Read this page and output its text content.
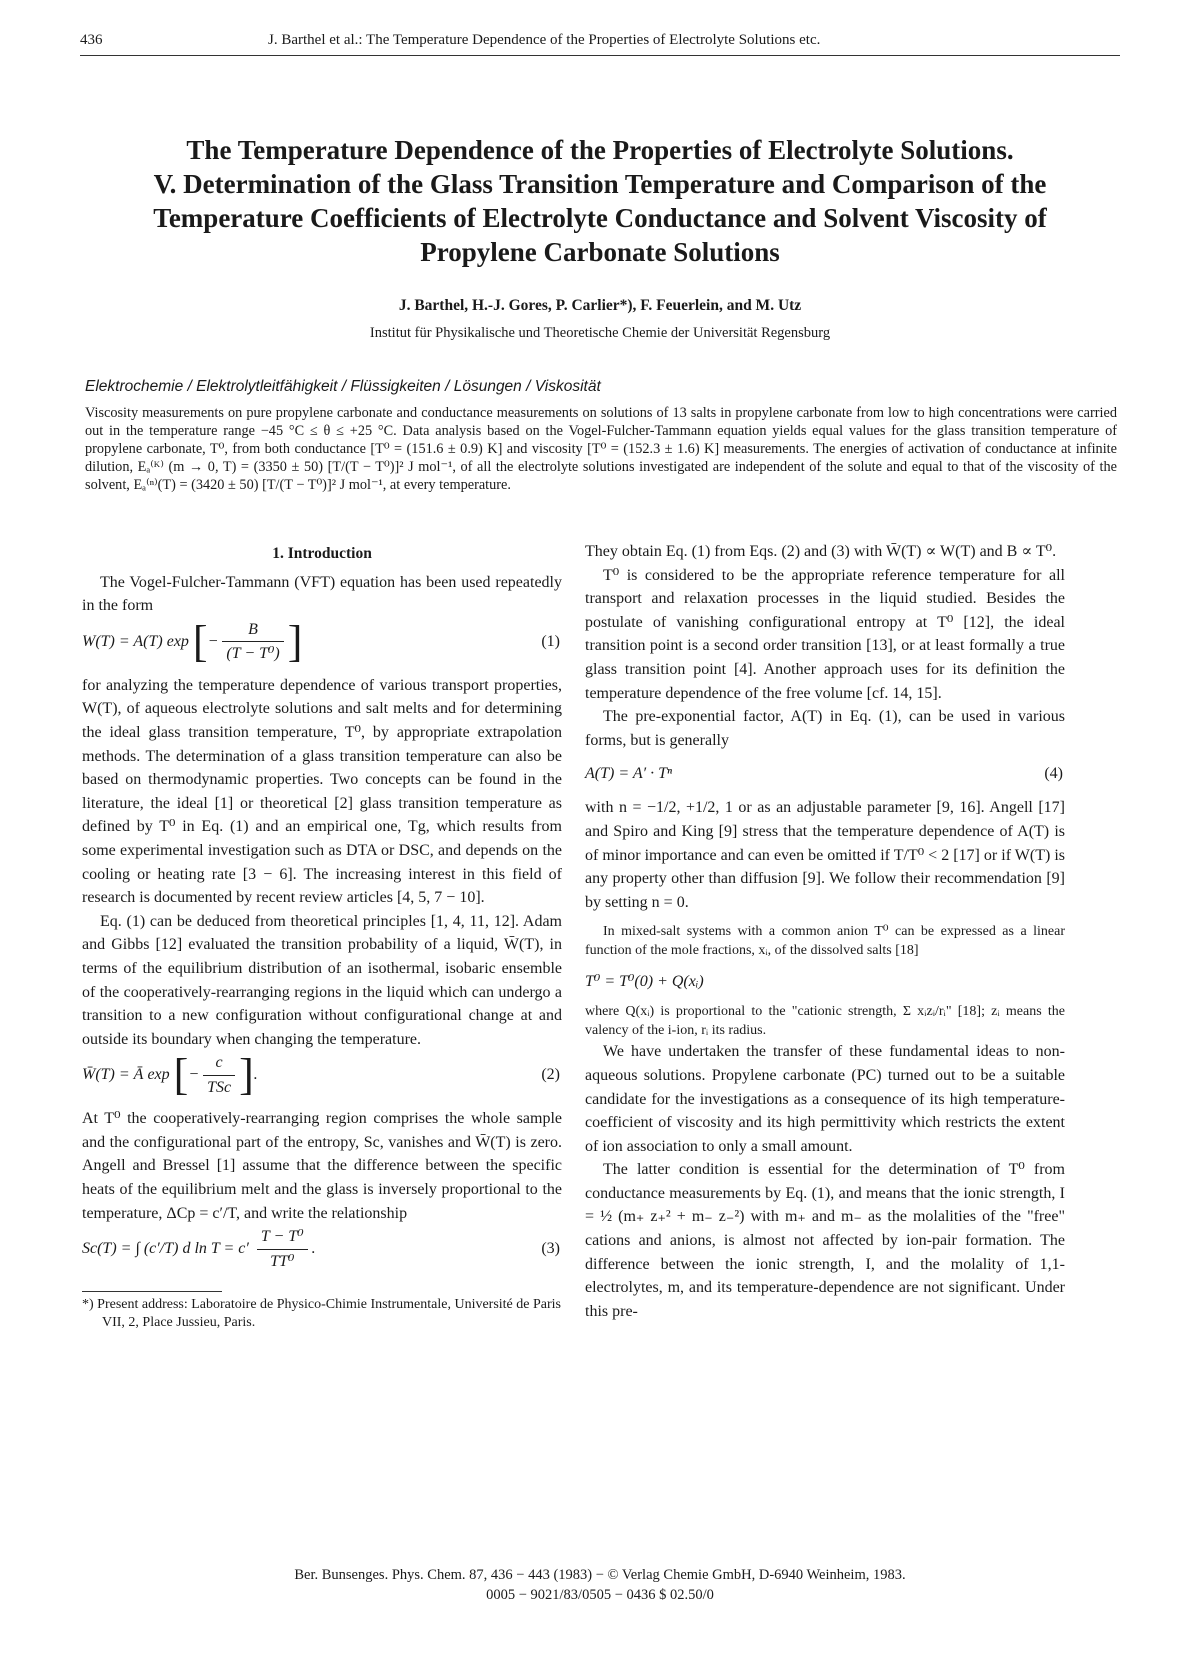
436	J. Barthel et al.: The Temperature Dependence of the Properties of Electrolyte Solutions etc.
The Temperature Dependence of the Properties of Electrolyte Solutions.
V. Determination of the Glass Transition Temperature and Comparison of the
Temperature Coefficients of Electrolyte Conductance and Solvent Viscosity of
Propylene Carbonate Solutions
J. Barthel, H.-J. Gores, P. Carlier*), F. Feuerlein, and M. Utz
Institut für Physikalische und Theoretische Chemie der Universität Regensburg
Elektrochemie / Elektrolytleitfähigkeit / Flüssigkeiten / Lösungen / Viskosität

Viscosity measurements on pure propylene carbonate and conductance measurements on solutions of 13 salts in propylene carbonate from low to high concentrations were carried out in the temperature range −45 °C ≤ θ ≤ +25 °C. Data analysis based on the Vogel-Fulcher-Tammann equation yields equal values for the glass transition temperature of propylene carbonate, T⁰, from both conductance [T⁰ = (151.6 ± 0.9) K] and viscosity [T⁰ = (152.3 ± 1.6) K] measurements. The energies of activation of conductance at infinite dilution, Eₐ⁽ᴷ⁾ (m → 0, T) = (3350 ± 50) [T/(T − T⁰)]² J mol⁻¹, of all the electrolyte solutions investigated are independent of the solute and equal to that of the viscosity of the solvent, Eₐ⁽ⁿ⁾(T) = (3420 ± 50) [T/(T − T⁰)]² J mol⁻¹, at every temperature.

1. Introduction

The Vogel-Fulcher-Tammann (VFT) equation has been used repeatedly in the form

W(T) = A(T) exp [− $\frac{B}{\text{(T − T⁰)}}$ ]	(1)

for analyzing the temperature dependence of various transport properties, W(T), of aqueous electrolyte solutions and salt melts and for determining the ideal glass transition temperature, T⁰, by appropriate extrapolation methods. The determination of a glass transition temperature can also be based on thermodynamic properties. Two concepts can be found in the literature, the ideal [1] or theoretical [2] glass transition temperature as defined by T⁰ in Eq. (1) and an empirical one, Tg, which results from some experimental investigation such as DTA or DSC, and depends on the cooling or heating rate [3 − 6]. The increasing interest in this field of research is documented by recent review articles [4, 5, 7 − 10].

Eq. (1) can be deduced from theoretical principles [1, 4, 11, 12]. Adam and Gibbs [12] evaluated the transition probability of a liquid, W̄(T), in terms of the equilibrium distribution of an isothermal, isobaric ensemble of the cooperatively-rearranging regions in the liquid which can undergo a transition to a new configuration without configurational change at and outside its boundary when changing the temperature.

W̄(T) = Ā exp [− $\frac{c}{\text{TSc}}$ ].	(2)

At T⁰ the cooperatively-rearranging region comprises the whole sample and the configurational part of the entropy, Sc, vanishes and W̄(T) is zero. Angell and Bressel [1] assume that the difference between the specific heats of the equilibrium melt and the glass is inversely proportional to the temperature, ΔCp = c′/T, and write the relationship

Sc(T) = ∫ (c′/T) d $\ln T = c' \frac{\text{T − T⁰}}{\text{TT⁰}}$ .	(3)
*) Present address: Laboratoire de Physico-Chimie Instrumentale, Université de Paris VII, 2, Place Jussieu, Paris.

They obtain Eq. (1) from Eqs. (2) and (3) with W̄(T) ∝ W(T) and B ∝ T⁰.

T⁰ is considered to be the appropriate reference temperature for all transport and relaxation processes in the liquid studied. Besides the postulate of vanishing configurational entropy at T⁰ [12], the ideal transition point is a second order transition [13], or at least formally a true glass transition point [4]. Another approach uses for its definition the temperature dependence of the free volume [cf. 14, 15].

The pre-exponential factor, A(T) in Eq. (1), can be used in various forms, but is generally

A(T) = A′ · Tⁿ	(4)

with n = −1/2, +1/2, 1 or as an adjustable parameter [9, 16]. Angell [17] and Spiro and King [9] stress that the temperature dependence of A(T) is of minor importance and can even be omitted if T/T⁰ < 2 [17] or if W(T) is any property other than diffusion [9]. We follow their recommendation [9] by setting n = 0.

In mixed-salt systems with a common anion T⁰ can be expressed as a linear function of the mole fractions, xᵢ, of the dissolved salts [18]

T⁰ = T⁰(0) + Q(xᵢ)

where Q(xᵢ) is proportional to the "cationic strength, Σ xᵢzᵢ/rᵢ" [18]; zᵢ means the valency of the i-ion, rᵢ its radius.

We have undertaken the transfer of these fundamental ideas to non-aqueous solutions. Propylene carbonate (PC) turned out to be a suitable candidate for the investigations as a consequence of its high temperature-coefficient of viscosity and its high permittivity which restricts the extent of ion association to only a small amount.

The latter condition is essential for the determination of T⁰ from conductance measurements by Eq. (1), and means that the ionic strength, I = ½ (m₊ z₊² + m₋ z₋²) with m₊ and m₋ as the molalities of the "free" cations and anions, is almost not affected by ion-pair formation. The difference between the ionic strength, I, and the molality of 1,1-electrolytes, m, and its temperature-dependence are not significant. Under this pre-

Ber. Bunsenges. Phys. Chem. 87, 436 − 443 (1983) − © Verlag Chemie GmbH, D-6940 Weinheim, 1983.
0005 − 9021/83/0505 − 0436 $ 02.50/0
